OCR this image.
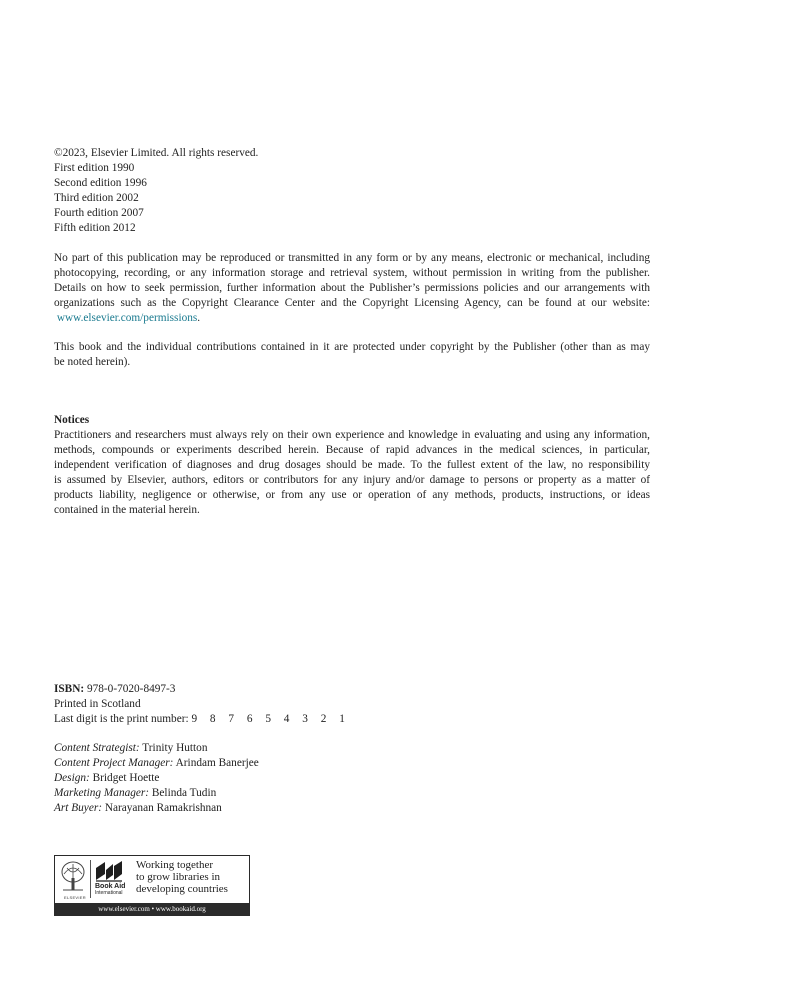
©2023, Elsevier Limited. All rights reserved.
First edition 1990
Second edition 1996
Third edition 2002
Fourth edition 2007
Fifth edition 2012
No part of this publication may be reproduced or transmitted in any form or by any means, electronic or mechanical, including
photocopying, recording, or any information storage and retrieval system, without permission in writing from the publisher.
Details on how to seek permission, further information about the Publisher’s permissions policies and our arrangements with
organizations such as the Copyright Clearance Center and the Copyright Licensing Agency, can be found at our website:
www.elsevier.com/permissions.
This book and the individual contributions contained in it are protected under copyright by the Publisher (other than as may
be noted herein).
Notices
Practitioners and researchers must always rely on their own experience and knowledge in evaluating and using any information,
methods, compounds or experiments described herein. Because of rapid advances in the medical sciences, in particular,
independent verification of diagnoses and drug dosages should be made. To the fullest extent of the law, no responsibility
is assumed by Elsevier, authors, editors or contributors for any injury and/or damage to persons or property as a matter of
products liability, negligence or otherwise, or from any use or operation of any methods, products, instructions, or ideas
contained in the material herein.
ISBN: 978-0-7020-8497-3
Printed in Scotland
Last digit is the print number: 9 8 7 6 5 4 3 2 1
Content Strategist: Trinity Hutton
Content Project Manager: Arindam Banerjee
Design: Bridget Hoette
Marketing Manager: Belinda Tudin
Art Buyer: Narayanan Ramakrishnan
ELSEVIER
Book Aid
International
Working together
to grow libraries in
developing countries
www.elsevier.com • www.bookaid.org
